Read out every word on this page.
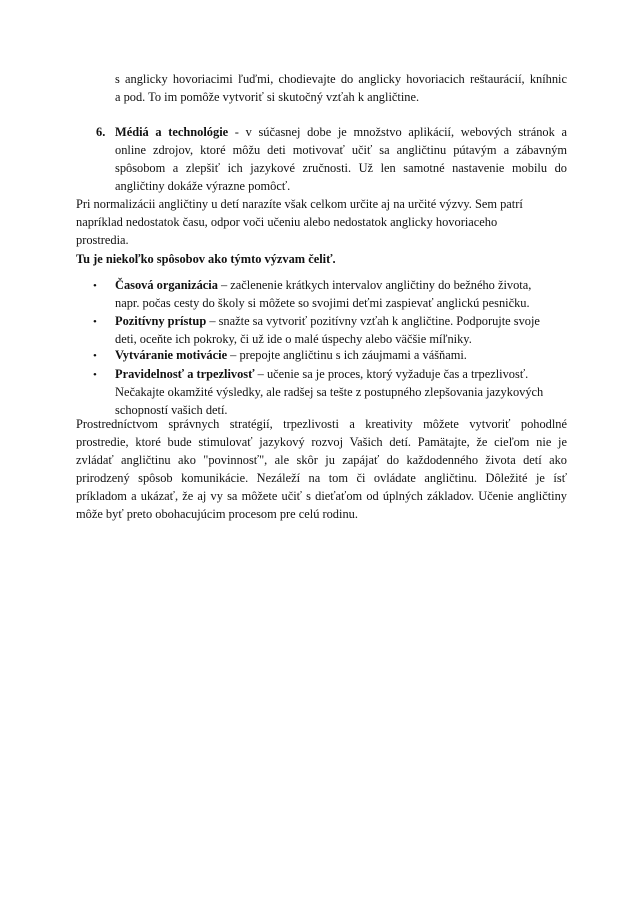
s anglicky hovoriacimi ľuďmi, chodievajte do anglicky hovoriacich reštaurácií, kníhnic
a pod. To im pomôže vytvoriť si skutočný vzťah k angličtine.
6. Médiá a technológie - v súčasnej dobe je množstvo aplikácií, webových stránok a
online zdrojov, ktoré môžu deti motivovať učiť sa angličtinu pútavým a zábavným
spôsobom a zlepšiť ich jazykové zručnosti. Už len samotné nastavenie mobilu do
angličtiny dokáže výrazne pomôcť.
Pri normalizácii angličtiny u detí narazíte však celkom určite aj na určité výzvy. Sem patrí
napríklad nedostatok času, odpor voči učeniu alebo nedostatok anglicky hovoriaceho
prostredia.
Tu je niekoľko spôsobov ako týmto výzvam čeliť.
• Časová organizácia – začlenenie krátkych intervalov angličtiny do bežného života,
napr. počas cesty do školy si môžete so svojimi deťmi zaspievať anglickú pesničku.
• Pozitívny prístup – snažte sa vytvoriť pozitívny vzťah k angličtine. Podporujte svoje
deti, oceňte ich pokroky, či už ide o malé úspechy alebo väčšie míľniky.
• Vytváranie motivácie – prepojte angličtinu s ich záujmami a vášňami.
• Pravidelnosť a trpezlivosť – učenie sa je proces, ktorý vyžaduje čas a trpezlivosť.
Nečakajte okamžité výsledky, ale radšej sa tešte z postupného zlepšovania jazykových
schopností vašich detí.
Prostredníctvom správnych stratégií, trpezlivosti a kreativity môžete vytvoriť pohodlné
prostredie, ktoré bude stimulovať jazykový rozvoj Vašich detí. Pamätajte, že cieľom nie je
zvládať angličtinu ako "povinnosť", ale skôr ju zapájať do každodenného života detí ako
prirodzený spôsob komunikácie. Nezáleží na tom či ovládate angličtinu. Dôležité je ísť
príkladom a ukázať, že aj vy sa môžete učiť s dieťaťom od úplných základov. Učenie angličtiny
môže byť preto obohacujúcim procesom pre celú rodinu.
